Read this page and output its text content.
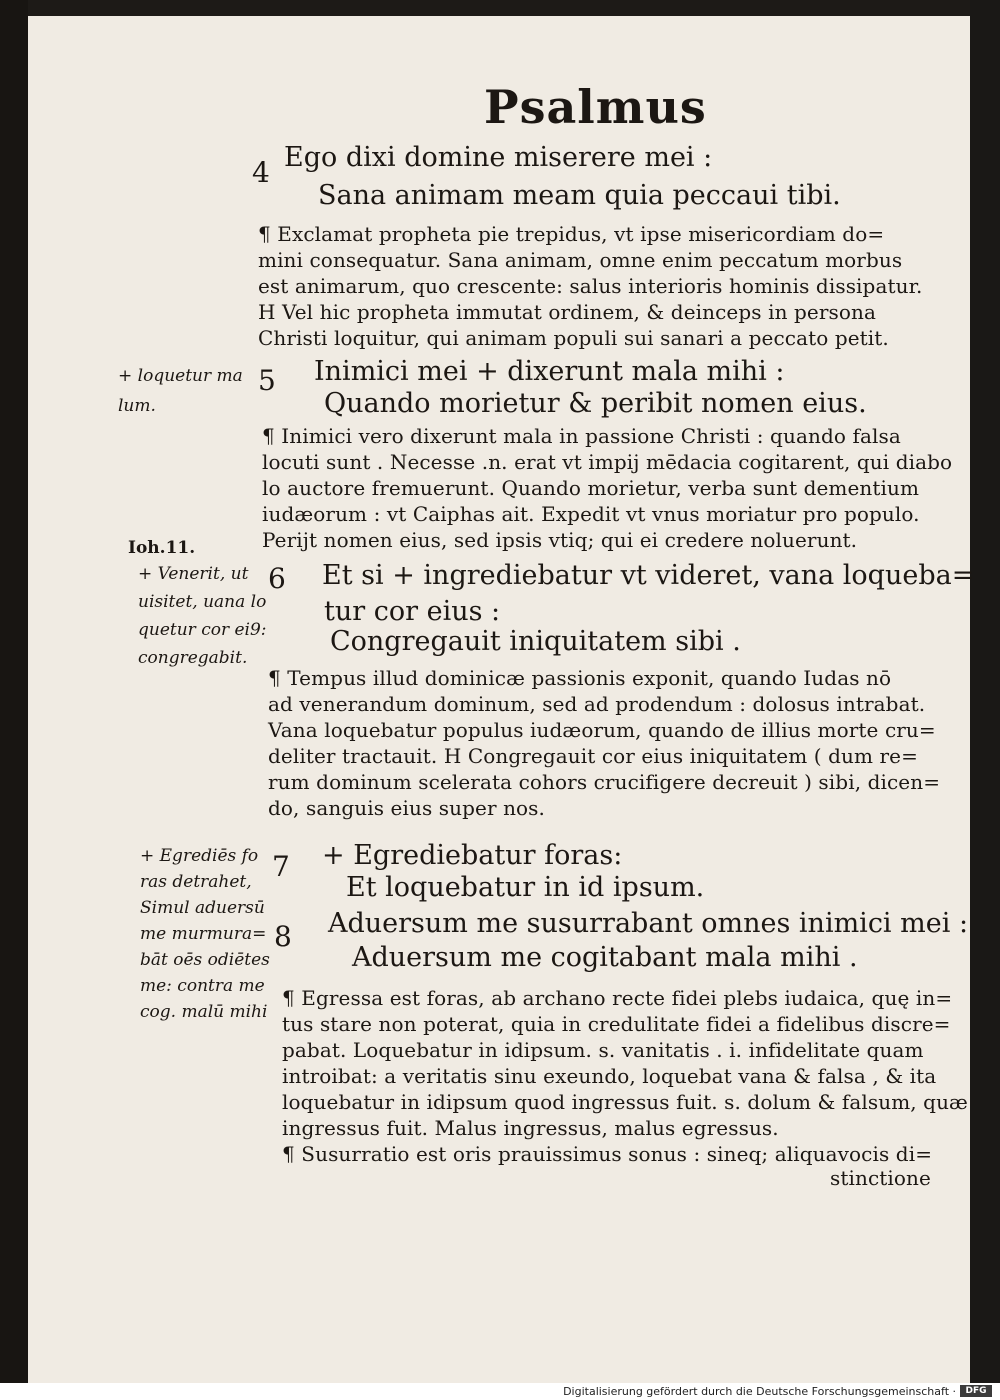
Psalmus
4
5
6
7
8
Ego dixi domine miserere mei :
Sana animam meam quia peccaui tibi.
Inimici mei + dixerunt mala mihi :
Quando morietur & peribit nomen eius.
Et si + ingrediebatur vt videret, vana loqueba=
tur cor eius :
Congregauit iniquitatem sibi .
+ Egrediebatur foras:
Et loquebatur in id ipsum.
Aduersum me susurrabant omnes inimici mei :
Aduersum me cogitabant mala mihi .
¶ Exclamat propheta pie trepidus, vt ipse misericordiam do=
mini consequatur. Sana animam, omne enim peccatum morbus
est animarum, quo crescente: salus interioris hominis dissipatur.
H Vel hic propheta immutat ordinem, & deinceps in persona
Christi loquitur, qui animam populi sui sanari a peccato petit.
¶ Inimici vero dixerunt mala in passione Christi : quando falsa
locuti sunt . Necesse .n. erat vt impij mēdacia cogitarent, qui diabo
lo auctore fremuerunt. Quando morietur, verba sunt dementium
iudæorum : vt Caiphas ait. Expedit vt vnus moriatur pro populo.
Perijt nomen eius, sed ipsis vtiq; qui ei credere noluerunt.
¶ Tempus illud dominicæ passionis exponit, quando Iudas nō
ad venerandum dominum, sed ad prodendum : dolosus intrabat.
Vana loquebatur populus iudæorum, quando de illius morte cru=
deliter tractauit. H Congregauit cor eius iniquitatem ( dum re=
rum dominum scelerata cohors crucifigere decreuit ) sibi, dicen=
do, sanguis eius super nos.
¶ Egressa est foras, ab archano recte fidei plebs iudaica, quę in=
tus stare non poterat, quia in credulitate fidei a fidelibus discre=
pabat. Loquebatur in idipsum. s. vanitatis . i. infidelitate quam
introibat: a veritatis sinu exeundo, loquebat vana & falsa , & ita
loquebatur in idipsum quod ingressus fuit. s. dolum & falsum, quæ
ingressus fuit. Malus ingressus, malus egressus.
¶ Susurratio est oris prauissimus sonus : sineq; aliquavocis di=
stinctione
+ loquetur ma
lum.
Ioh.11.
+ Venerit, ut
uisitet, uana lo
quetur cor ei9:
congregabit.
+ Egrediēs fo
ras detrahet,
Simul aduersū
me murmura=
bāt oēs odiētes
me: contra me
cog. malū mihi
Digitalisierung gefördert durch die Deutsche Forschungsgemeinschaft ·	DFG
